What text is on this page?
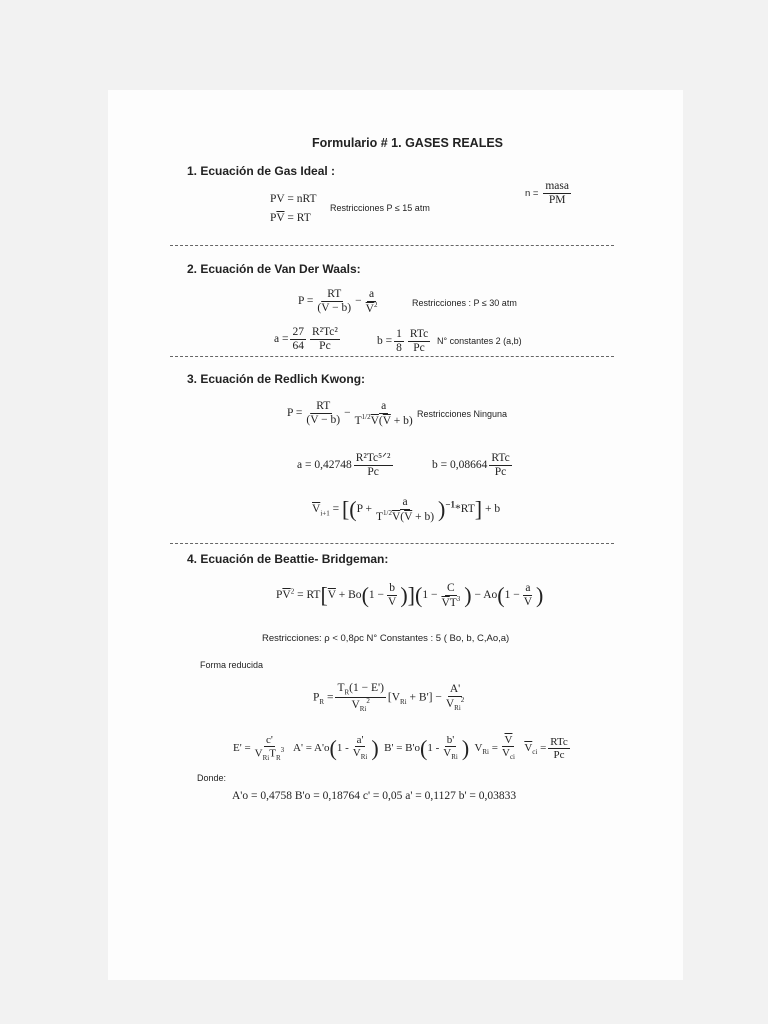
Formulario # 1. GASES REALES
1. Ecuación de Gas Ideal :
PV = nRT
$P\overline{V}$ = RT
Restricciones P ≤ 15 atm
$n = \frac{\text{masa}}{PM}$
2. Ecuación de Van Der Waals:
$P = \frac{RT}{(\overline{V} - b)} - \frac{a}{\overline{V}^2}$	Restricciones : P ≤ 30 atm
$a = \frac{27}{64} \frac{\text{R²Tc²}}{Pc}$	$b = \frac{1}{8} \frac{\text{RTc}}{Pc} N^\circ$ constantes 2 (a,b)
3. Ecuación de Redlich Kwong:
$P = \frac{RT}{(\overline{V} - b)} - \frac{a}{T^{1/2}\overline{V}(\overline{V} + b)}$ Restricciones Ninguna
$a = 0,42748 \frac{\text{R²Tc⁵ᐟ²}}{Pc}$	$b = 0,08664 \frac{\text{RTc}}{Pc}$
$\overline{V}_{i+1} = [(P + \frac{a}{T^{1/2}\overline{V}(\overline{V} + b)} )^{-1}*RT] + b$
4. Ecuación de Beattie- Bridgeman:
$P\overline{V}^2 = RT[\overline{V} + Bo(1 - \frac{b}{V} )](1 - \frac{C}{\overline{V}T^3}$ ) − $Ao(1 - \frac{a}{V}$ )
Restricciones: ρ < 0,8ρc N° Constantes : 5 ( Bo, b, C,Ao,a)
Forma reducida
$P_R = \frac{T_R(1 - E')}{V_{Ri}^2} [V_{Ri} + B'] - \frac{A'}{V_{Ri}^2}$
$E' = \frac{c'}{V_{Ri}T_R^3} A' = A'o(1 - \frac{a'}{V_{Ri}}$ )  $B' = B'o(1 - \frac{b'}{V_{Ri}}$ )  $V_{Ri} = \frac{\overline{V}}{\overline{V}_{ci}} \overline{V}_{ci} = \frac{\text{RTc}}{Pc}$
Donde:
A'o = 0,4758 B'o = 0,18764 c' = 0,05 a' = 0,1127 b' = 0,03833
